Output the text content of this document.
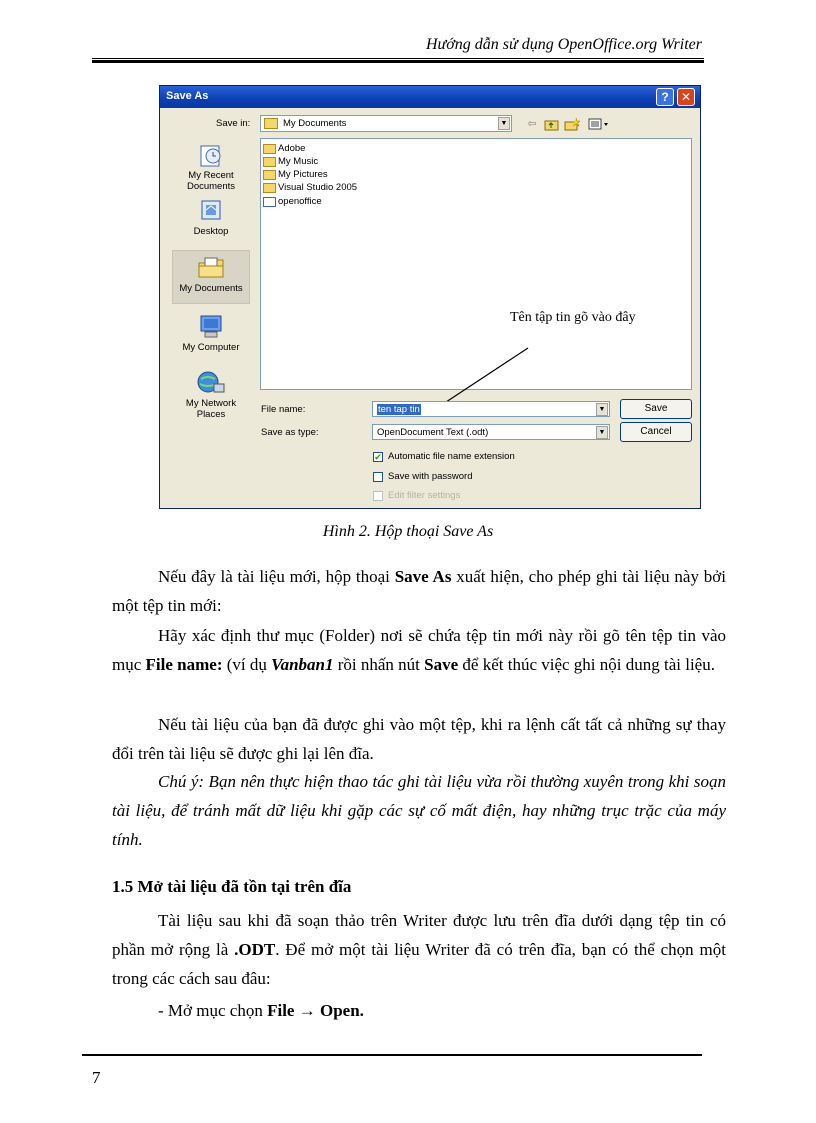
Hướng dẫn sử dụng OpenOffice.org Writer
Save As	?	✕
Save in:	My Documents	▼	⇦
My Recent Documents
Desktop
My Documents
My Computer
My Network Places
Adobe
My Music
My Pictures
Visual Studio 2005
openoffice
Tên tập tin gõ vào đây
File name:	ten tap tin	▼
Save as type:	OpenDocument Text (.odt)	▼
Save
Cancel
✔ Automatic file name extension
Save with password
Edit filter settings
Hình 2. Hộp thoại Save As

Nếu đây là tài liệu mới, hộp thoại Save As xuất hiện, cho phép ghi tài liệu này bởi một tệp tin mới:

Hãy xác định thư mục (Folder) nơi sẽ chứa tệp tin mới này rồi gõ tên tệp tin vào mục File name: (ví dụ Vanban1 rồi nhấn nút Save để kết thúc việc ghi nội dung tài liệu.

Nếu tài liệu của bạn đã được ghi vào một tệp, khi ra lệnh cất tất cả những sự thay đổi trên tài liệu sẽ được ghi lại lên đĩa.

Chú ý: Bạn nên thực hiện thao tác ghi tài liệu vừa rồi thường xuyên trong khi soạn tài liệu, để tránh mất dữ liệu khi gặp các sự cố mất điện, hay những trục trặc của máy tính.

1.5 Mở tài liệu đã tồn tại trên đĩa

Tài liệu sau khi đã soạn thảo trên Writer được lưu trên đĩa dưới dạng tệp tin có phần mở rộng là .ODT. Để mở một tài liệu Writer đã có trên đĩa, bạn có thể chọn một trong các cách sau đâu:

- Mở mục chọn File → Open.

7
